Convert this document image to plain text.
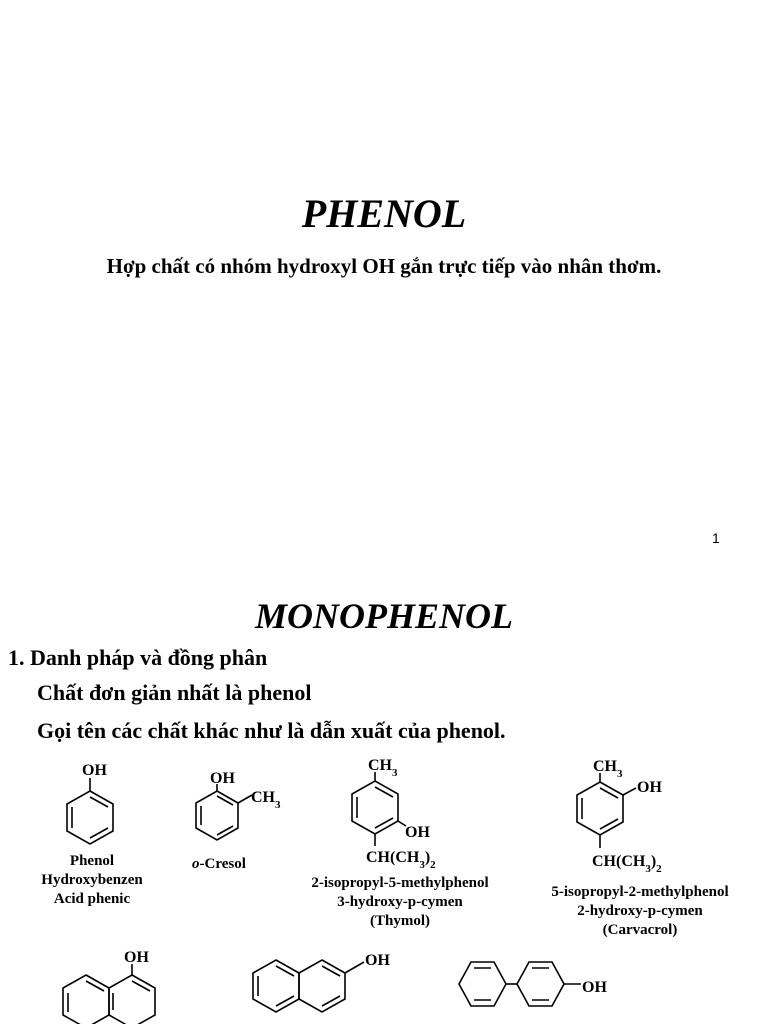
PHENOL
Hợp chất có nhóm hydroxyl OH gắn trực tiếp vào nhân thơm.
1
MONOPHENOL
1. Danh pháp và đồng phân
Chất đơn giản nhất là phenol
Gọi tên các chất khác như là dẫn xuất của phenol.
OH	OH
$CH_3$
$CH_3$
OH
$CH(CH_3)_2$
$CH_3$
OH
$CH(CH_3)_2$
OH	OH
OH
Phenol
Hydroxybenzen
Acid phenic
o-Cresol
2-isopropyl-5-methylphenol
3-hydroxy-p-cymen
(Thymol)
5-isopropyl-2-methylphenol
2-hydroxy-p-cymen
(Carvacrol)
